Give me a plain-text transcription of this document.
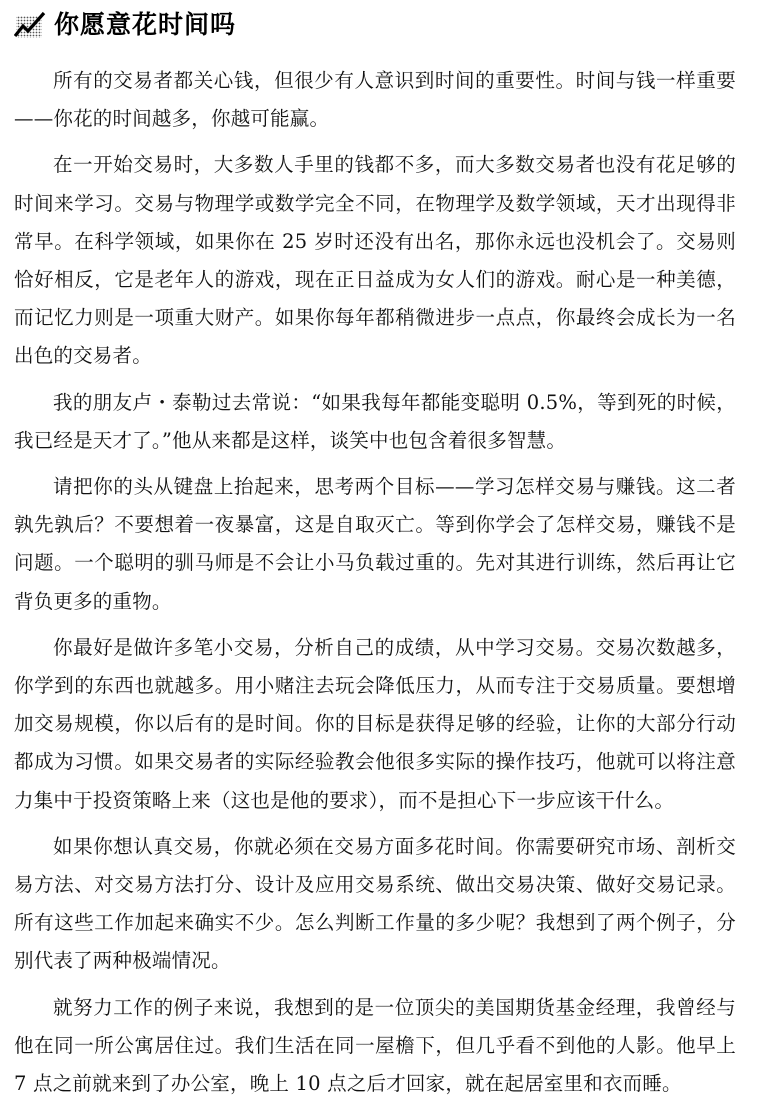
你愿意花时间吗

所有的交易者都关心钱，但很少有人意识到时间的重要性。时间与钱一样重要——你花的时间越多，你越可能赢。

在一开始交易时，大多数人手里的钱都不多，而大多数交易者也没有花足够的时间来学习。交易与物理学或数学完全不同，在物理学及数学领域，天才出现得非常早。在科学领域，如果你在 25 岁时还没有出名，那你永远也没机会了。交易则恰好相反，它是老年人的游戏，现在正日益成为女人们的游戏。耐心是一种美德，而记忆力则是一项重大财产。如果你每年都稍微进步一点点，你最终会成长为一名出色的交易者。

我的朋友卢・泰勒过去常说：“如果我每年都能变聪明 0.5%，等到死的时候，我已经是天才了。”他从来都是这样，谈笑中也包含着很多智慧。

请把你的头从键盘上抬起来，思考两个目标——学习怎样交易与赚钱。这二者孰先孰后？不要想着一夜暴富，这是自取灭亡。等到你学会了怎样交易，赚钱不是问题。一个聪明的驯马师是不会让小马负载过重的。先对其进行训练，然后再让它背负更多的重物。

你最好是做许多笔小交易，分析自己的成绩，从中学习交易。交易次数越多，你学到的东西也就越多。用小赌注去玩会降低压力，从而专注于交易质量。要想增加交易规模，你以后有的是时间。你的目标是获得足够的经验，让你的大部分行动都成为习惯。如果交易者的实际经验教会他很多实际的操作技巧，他就可以将注意力集中于投资策略上来（这也是他的要求），而不是担心下一步应该干什么。

如果你想认真交易，你就必须在交易方面多花时间。你需要研究市场、剖析交易方法、对交易方法打分、设计及应用交易系统、做出交易决策、做好交易记录。所有这些工作加起来确实不少。怎么判断工作量的多少呢？我想到了两个例子，分别代表了两种极端情况。

就努力工作的例子来说，我想到的是一位顶尖的美国期货基金经理，我曾经与他在同一所公寓居住过。我们生活在同一屋檐下，但几乎看不到他的人影。他早上 7 点之前就来到了办公室，晚上 10 点之后才回家，就在起居室里和衣而睡。
